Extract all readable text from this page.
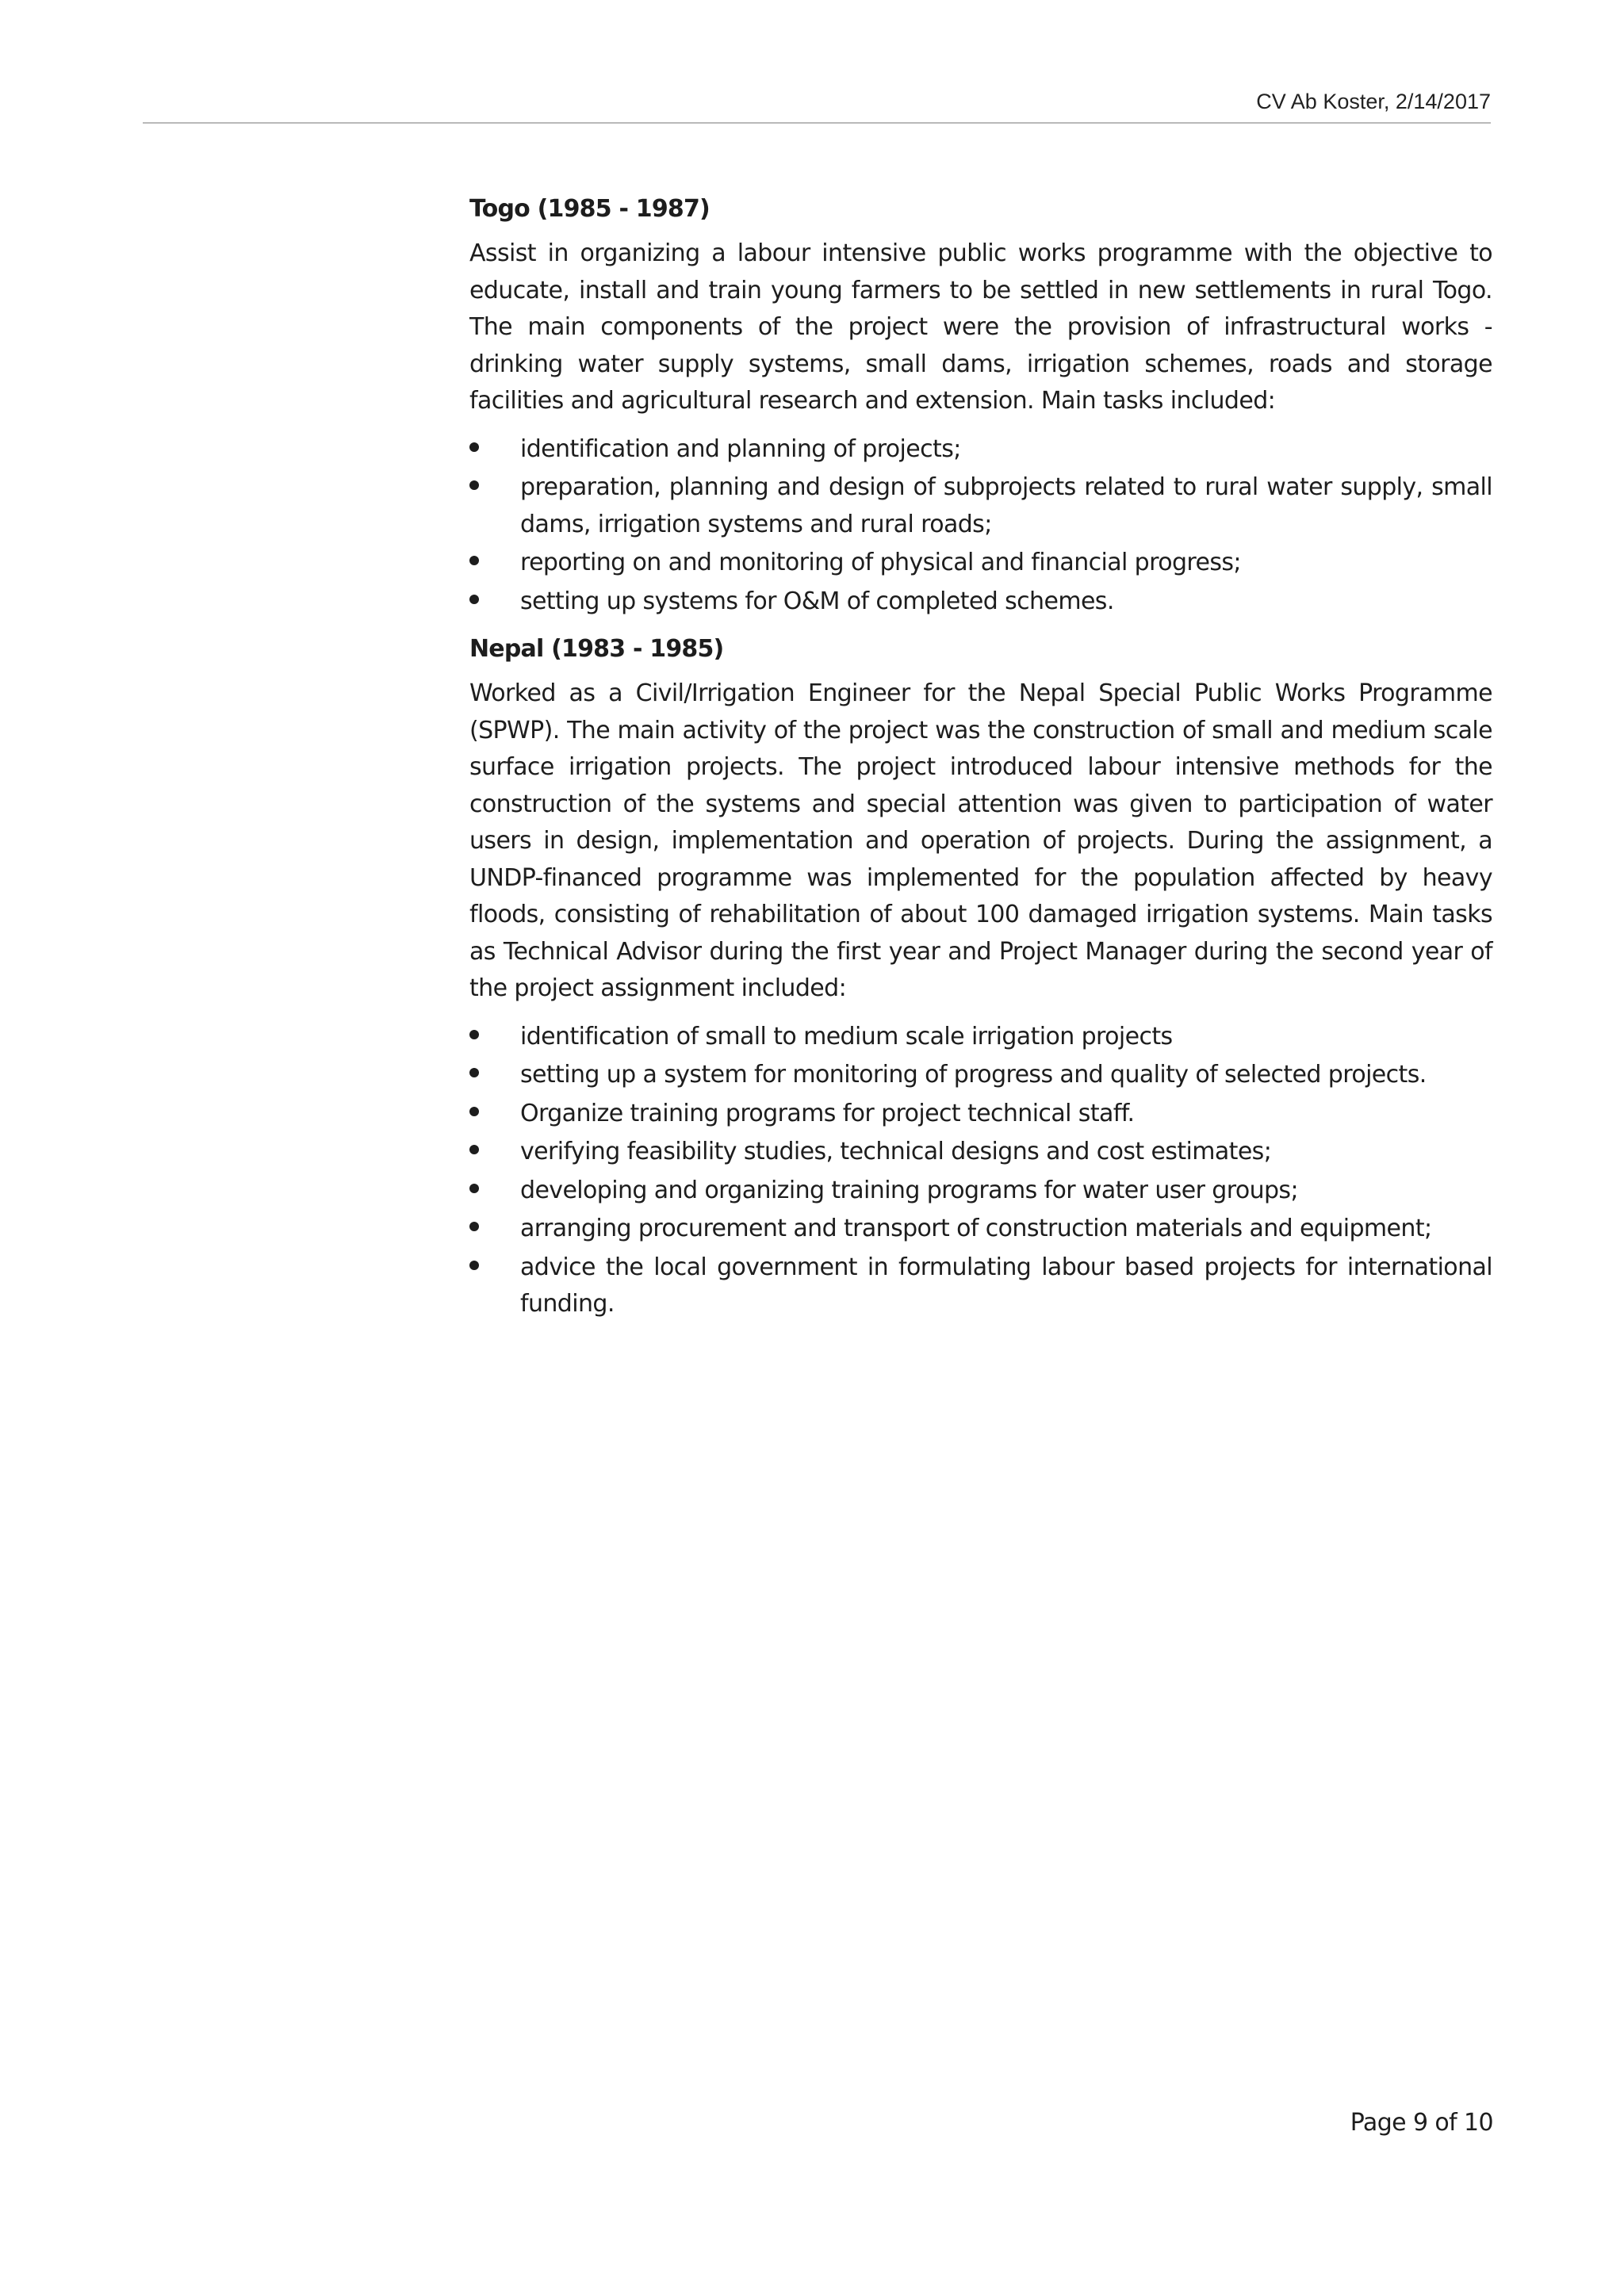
CV Ab Koster, 2/14/2017
Togo (1985 - 1987)

Assist in organizing a labour intensive public works programme with the objective to educate, install and train young farmers to be settled in new settlements in rural Togo. The main components of the project were the provision of infrastructural works - drinking water supply systems, small dams, irrigation schemes, roads and storage facilities and agricultural research and extension. Main tasks included:

identification and planning of projects;
preparation, planning and design of subprojects related to rural water supply, small dams, irrigation systems and rural roads;
reporting on and monitoring of physical and financial progress;
setting up systems for O&M of completed schemes.
Nepal (1983 - 1985)

Worked as a Civil/Irrigation Engineer for the Nepal Special Public Works Programme (SPWP). The main activity of the project was the construction of small and medium scale surface irrigation projects. The project introduced labour intensive methods for the construction of the systems and special attention was given to participation of water users in design, implementation and operation of projects. During the assignment, a UNDP-financed programme was implemented for the population affected by heavy floods, consisting of rehabilitation of about 100 damaged irrigation systems. Main tasks as Technical Advisor during the first year and Project Manager during the second year of the project assignment included:

identification of small to medium scale irrigation projects
setting up a system for monitoring of progress and quality of selected projects.
Organize training programs for project technical staff.
verifying feasibility studies, technical designs and cost estimates;
developing and organizing training programs for water user groups;
arranging procurement and transport of construction materials and equipment;
advice the local government in formulating labour based projects for international funding.
Page 9 of 10
